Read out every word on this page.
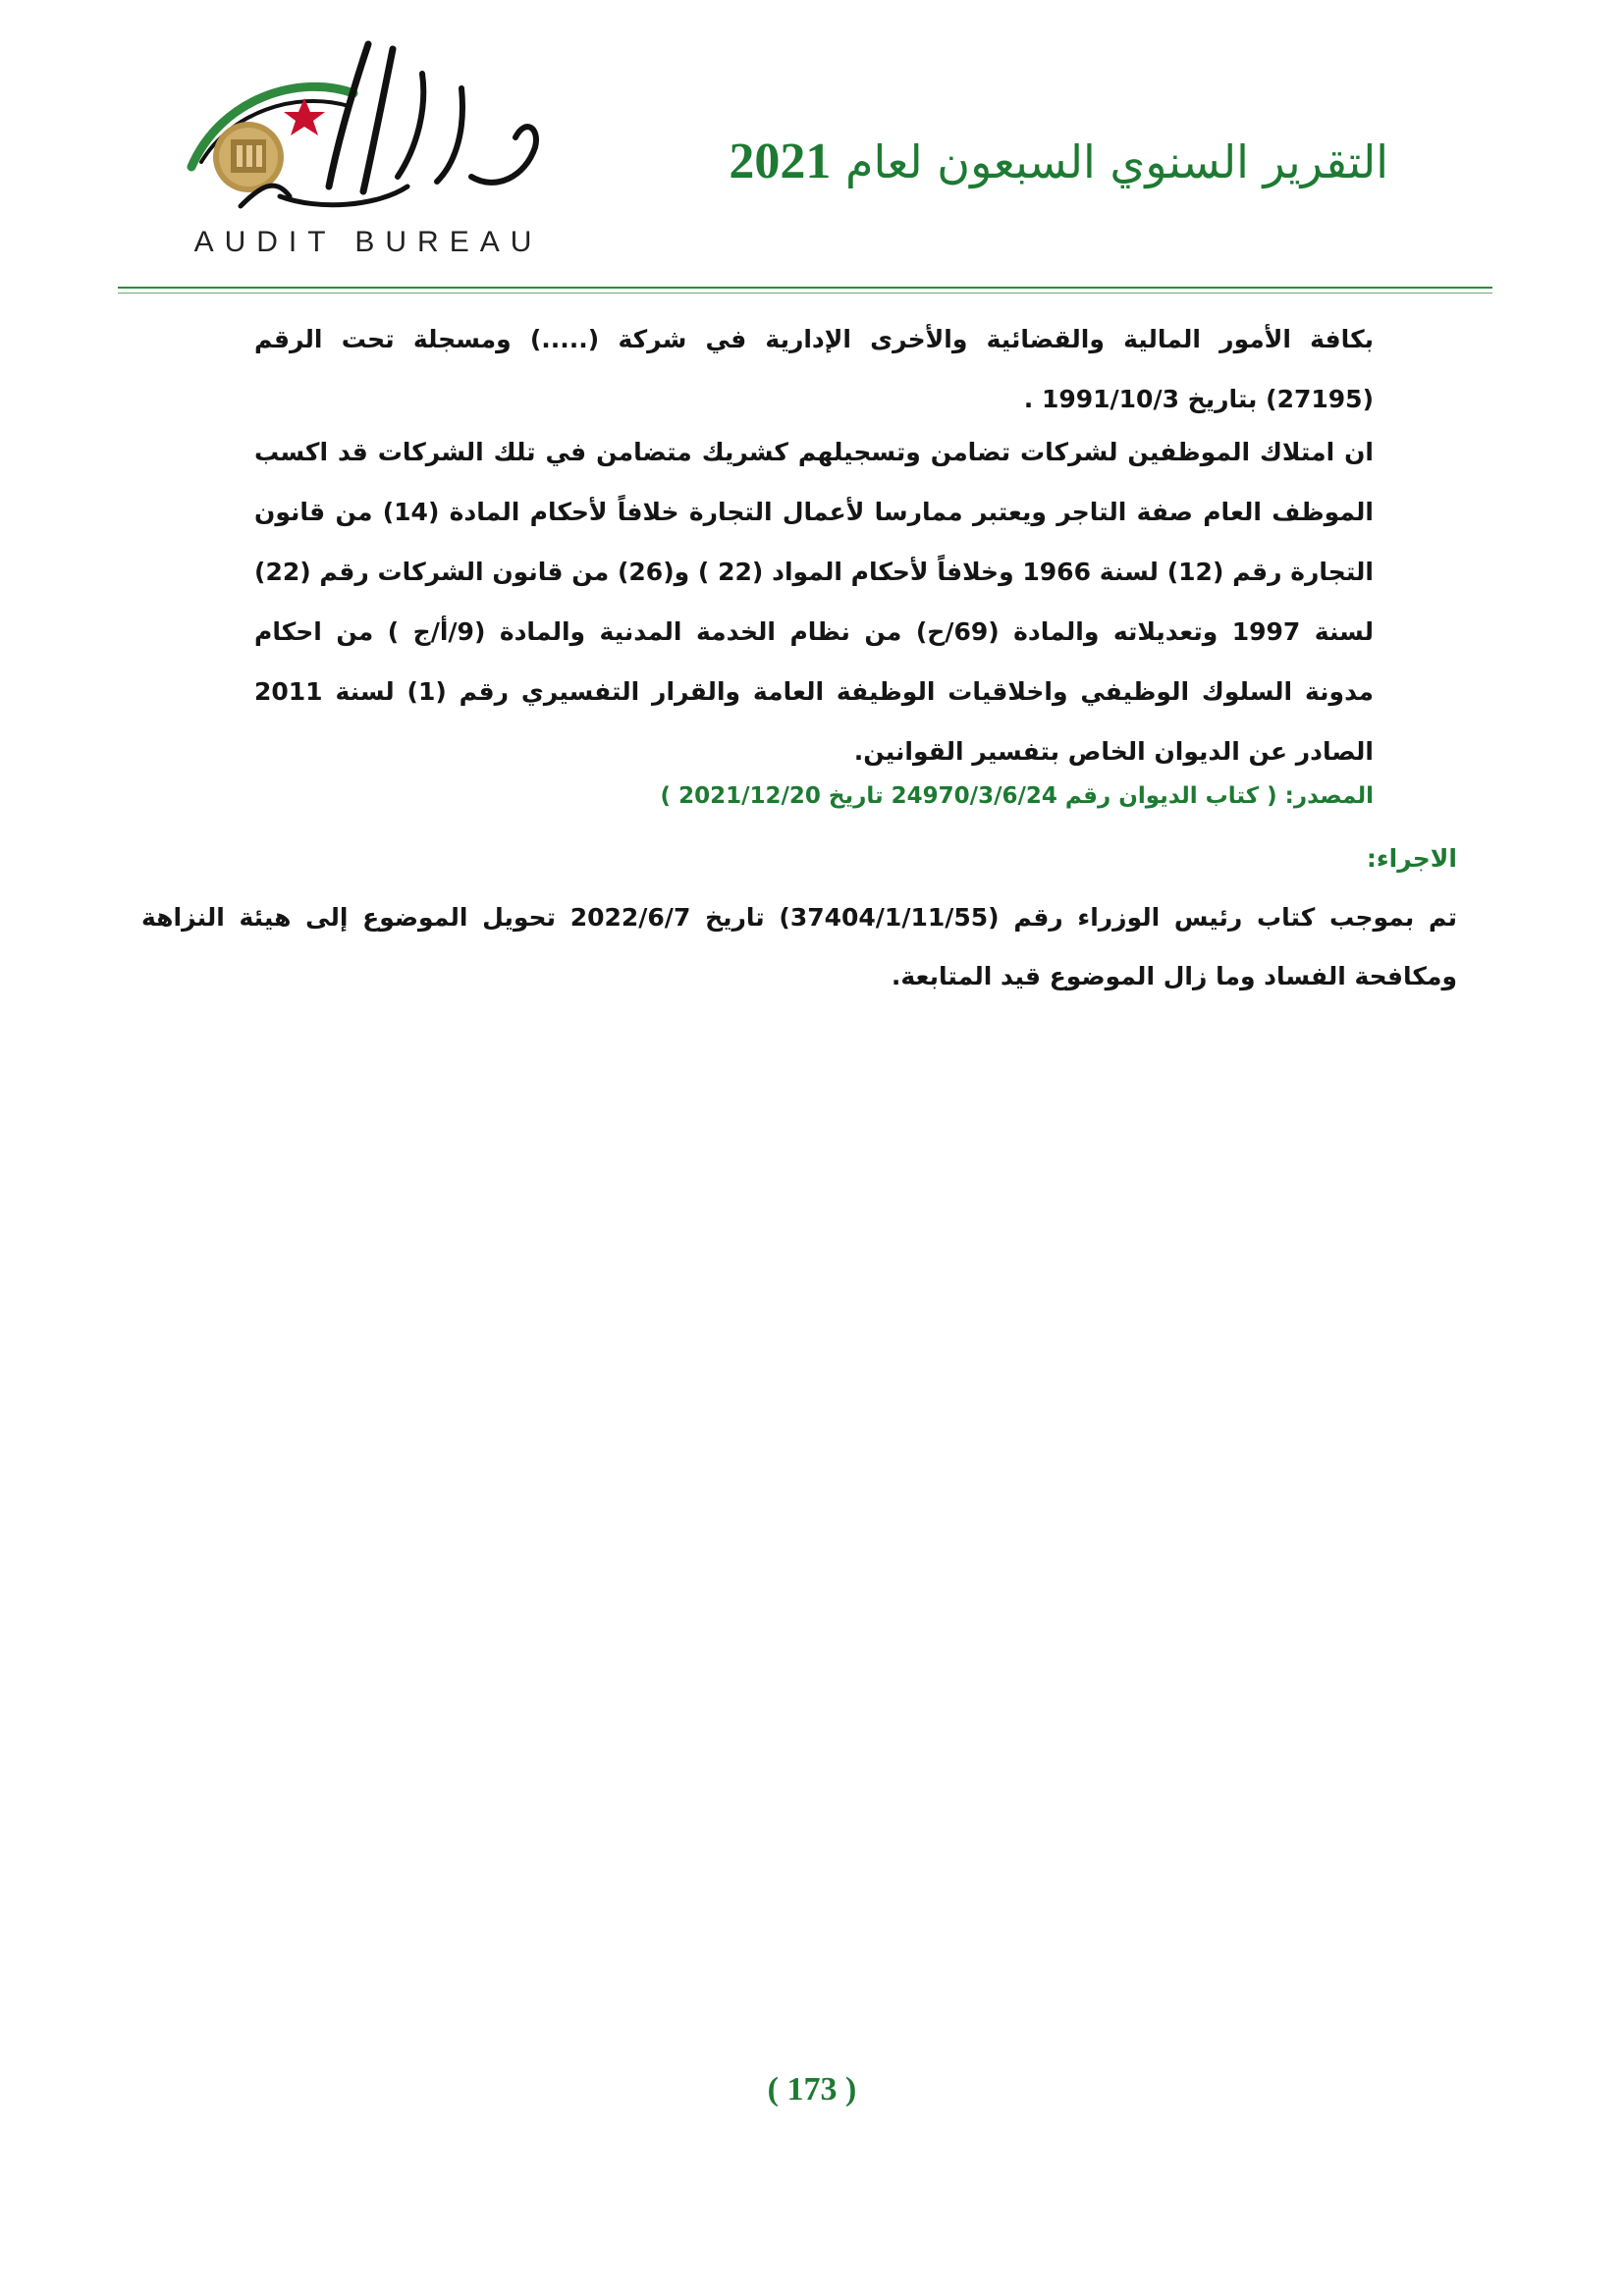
AUDIT BUREAU
التقرير السنوي السبعون لعام 2021

بكافة الأمور المالية والقضائية والأخرى الإدارية في شركة (.....) ومسجلة تحت الرقم (27195) بتاريخ 1991/10/3 .

ان امتلاك الموظفين لشركات تضامن وتسجيلهم كشريك متضامن في تلك الشركات قد اكسب الموظف العام صفة التاجر ويعتبر ممارسا لأعمال التجارة خلافاً لأحكام المادة (14) من قانون التجارة رقم (12) لسنة 1966 وخلافاً لأحكام المواد (22 ) و(26) من قانون الشركات رقم (22) لسنة 1997 وتعديلاته والمادة (69/ح) من نظام الخدمة المدنية والمادة (9/أ/ج ) من احكام مدونة السلوك الوظيفي واخلاقيات الوظيفة العامة والقرار التفسيري رقم (1) لسنة 2011 الصادر عن الديوان الخاص بتفسير القوانين.

المصدر: ( كتاب الديوان رقم 24970/3/6/24 تاريخ 2021/12/20 )
الاجراء:

تم بموجب كتاب رئيس الوزراء رقم (37404/1/11/55) تاريخ 2022/6/7 تحويل الموضوع إلى هيئة النزاهة ومكافحة الفساد وما زال الموضوع قيد المتابعة.

( 173 )
